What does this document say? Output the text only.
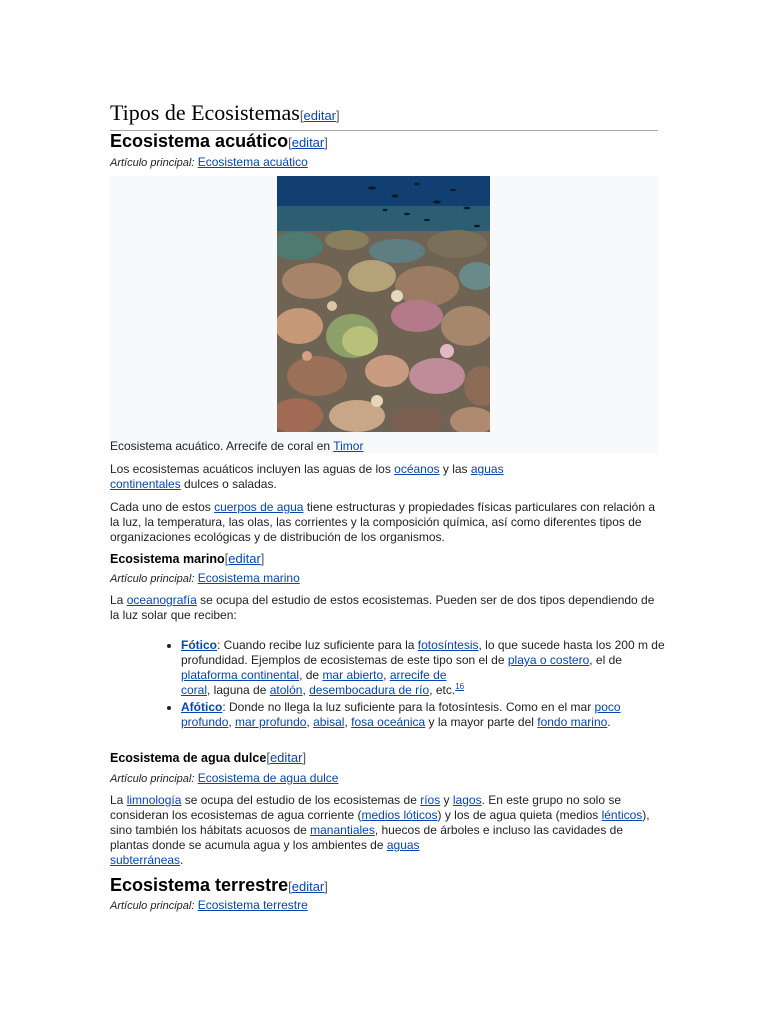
Tipos de Ecosistemas[editar]
Ecosistema acuático[editar]
Artículo principal: Ecosistema acuático
Ecosistema acuático. Arrecife de coral en Timor
Los ecosistemas acuáticos incluyen las aguas de los océanos y las aguas
continentales dulces o saladas.
Cada uno de estos cuerpos de agua tiene estructuras y propiedades físicas particulares con relación a la luz, la temperatura, las olas, las corrientes y la composición química, así como diferentes tipos de organizaciones ecológicas y de distribución de los organismos.
Ecosistema marino[editar]
Artículo principal: Ecosistema marino
La oceanografía se ocupa del estudio de estos ecosistemas. Pueden ser de dos tipos dependiendo de la luz solar que reciben:
• Fótico: Cuando recibe luz suficiente para la fotosíntesis, lo que sucede hasta los 200 m de profundidad. Ejemplos de ecosistemas de este tipo son el de playa o costero, el de plataforma continental, de mar abierto, arrecife de
coral, laguna de atolón, desembocadura de río, etc.$^{16}$
• Afótico: Donde no llega la luz suficiente para la fotosíntesis. Como en el mar poco profundo, mar profundo, abisal, fosa oceánica y la mayor parte del fondo marino.
Ecosistema de agua dulce[editar]
Artículo principal: Ecosistema de agua dulce
La limnología se ocupa del estudio de los ecosistemas de ríos y lagos. En este grupo no solo se consideran los ecosistemas de agua corriente (medios lóticos) y los de agua quieta (medios lénticos), sino también los hábitats acuosos de manantiales, huecos de árboles e incluso las cavidades de plantas donde se acumula agua y los ambientes de aguas
subterráneas.
Ecosistema terrestre[editar]
Artículo principal: Ecosistema terrestre
